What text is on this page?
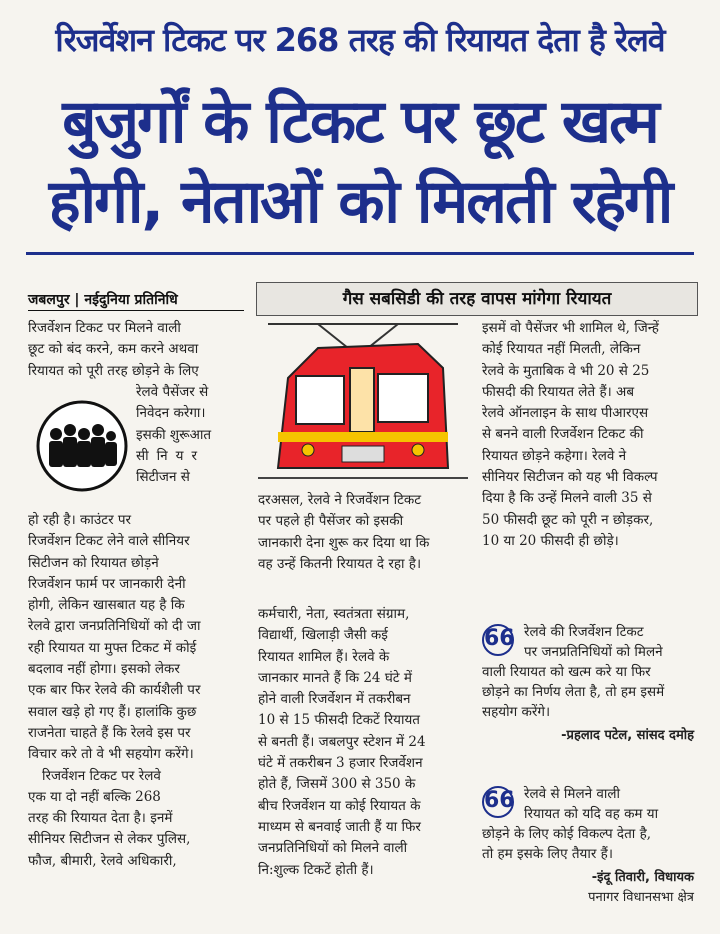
रिजर्वेशन टिकट पर 268 तरह की रियायत देता है रेलवे
बुजुर्गों के टिकट पर छूट खत्म
होगी, नेताओं को मिलती रहेगी
जबलपुर | नईदुनिया प्रतिनिधि	गैस सबसिडी की तरह वापस मांगेगा रियायत
रिजर्वेशन टिकट पर मिलने वाली
छूट को बंद करने, कम करने अथवा
रियायत को पूरी तरह छोड़ने के लिए
रेलवे पैसेंजर से
निवेदन करेगा।
इसकी शुरूआत
सीनियर
सिटीजन से
हो रही है। काउंटर पर
रिजर्वेशन टिकट लेने वाले सीनियर
सिटीजन को रियायत छोड़ने
रिजर्वेशन फार्म पर जानकारी देनी
होगी, लेकिन खासबात यह है कि
रेलवे द्वारा जनप्रतिनिधियों को दी जा
रही रियायत या मुफ्त टिकट में कोई
बदलाव नहीं होगा। इसको लेकर
एक बार फिर रेलवे की कार्यशैली पर
सवाल खड़े हो गए हैं। हालांकि कुछ
राजनेता चाहते हैं कि रेलवे इस पर
विचार करे तो वे भी सहयोग करेंगे।
रिजर्वेशन टिकट पर रेलवे
एक या दो नहीं बल्कि 268
तरह की रियायत देता है। इनमें
सीनियर सिटीजन से लेकर पुलिस,
फौज, बीमारी, रेलवे अधिकारी,
दरअसल, रेलवे ने रिजर्वेशन टिकट
पर पहले ही पैसेंजर को इसकी
जानकारी देना शुरू कर दिया था कि
वह उन्हें कितनी रियायत दे रहा है।
कर्मचारी, नेता, स्वतंत्रता संग्राम,
विद्यार्थी, खिलाड़ी जैसी कई
रियायत शामिल हैं। रेलवे के
जानकार मानते हैं कि 24 घंटे में
होने वाली रिजर्वेशन में तकरीबन
10 से 15 फीसदी टिकटें रियायत
से बनती हैं। जबलपुर स्टेशन में 24
घंटे में तकरीबन 3 हजार रिजर्वेशन
होते हैं, जिसमें 300 से 350 के
बीच रिजर्वेशन या कोई रियायत के
माध्यम से बनवाई जाती हैं या फिर
जनप्रतिनिधियों को मिलने वाली
नि:शुल्क टिकटें होती हैं।
इसमें वो पैसेंजर भी शामिल थे, जिन्हें
कोई रियायत नहीं मिलती, लेकिन
रेलवे के मुताबिक वे भी 20 से 25
फीसदी की रियायत लेते हैं। अब
रेलवे ऑनलाइन के साथ पीआरएस
से बनने वाली रिजर्वेशन टिकट की
रियायत छोड़ने कहेगा। रेलवे ने
सीनियर सिटीजन को यह भी विकल्प
दिया है कि उन्हें मिलने वाली 35 से
50 फीसदी छूट को पूरी न छोड़कर,
10 या 20 फीसदी ही छोड़े।
66 रेलवे की रिजर्वेशन टिकट
पर जनप्रतिनिधियों को मिलने
वाली रियायत को खत्म करे या फिर
छोड़ने का निर्णय लेता है, तो हम इसमें
सहयोग करेंगे।
-प्रहलाद पटेल, सांसद दमोह
66 रेलवे से मिलने वाली
रियायत को यदि वह कम या
छोड़ने के लिए कोई विकल्प देता है,
तो हम इसके लिए तैयार हैं।
-इंदू तिवारी, विधायक
पनागर विधानसभा क्षेत्र
